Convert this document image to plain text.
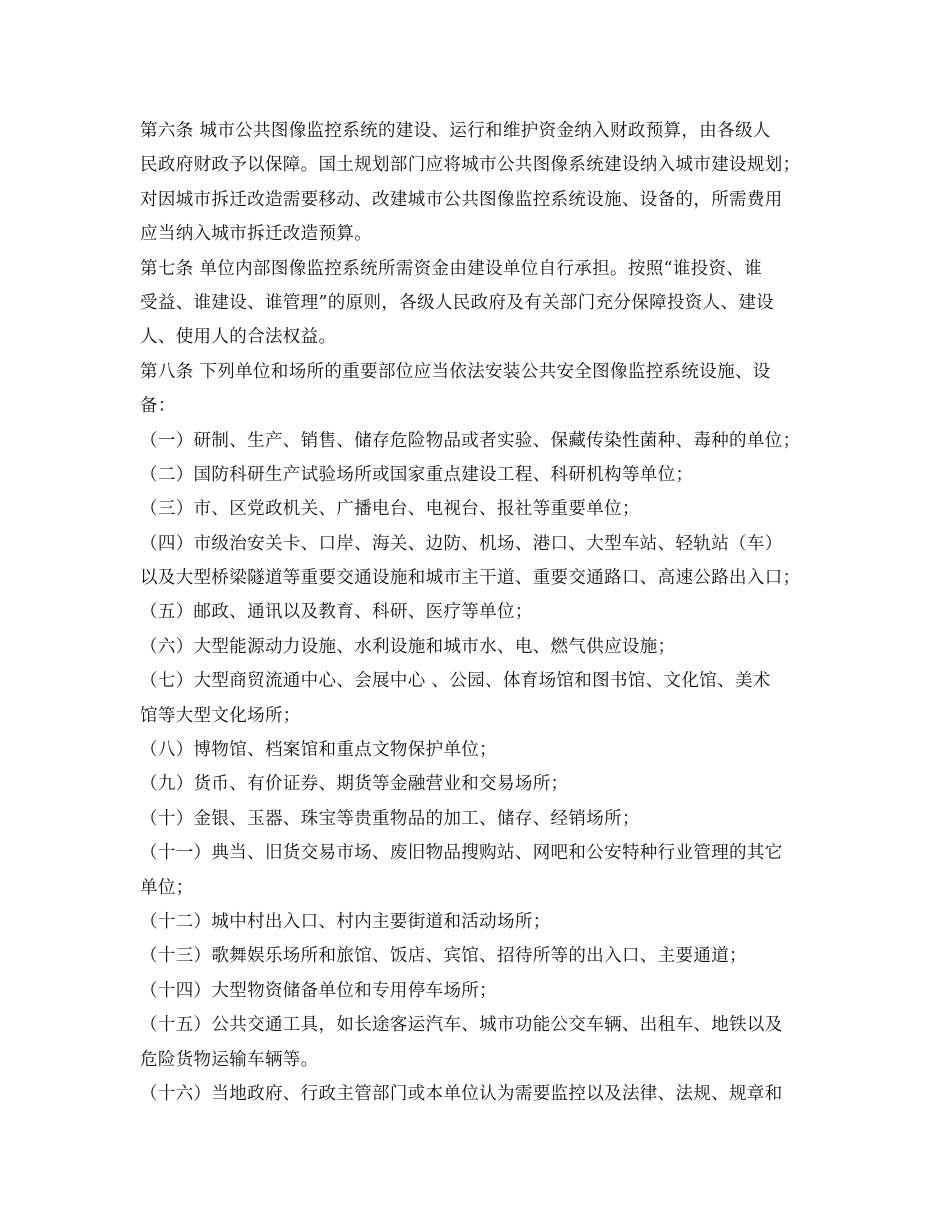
第六条 城市公共图像监控系统的建设、运行和维护资金纳入财政预算，由各级人
民政府财政予以保障。国土规划部门应将城市公共图像系统建设纳入城市建设规划；
对因城市拆迁改造需要移动、改建城市公共图像监控系统设施、设备的，所需费用
应当纳入城市拆迁改造预算。
第七条 单位内部图像监控系统所需资金由建设单位自行承担。按照“谁投资、谁
受益、谁建设、谁管理”的原则，各级人民政府及有关部门充分保障投资人、建设
人、使用人的合法权益。
第八条 下列单位和场所的重要部位应当依法安装公共安全图像监控系统设施、设
备：
（一）研制、生产、销售、储存危险物品或者实验、保藏传染性菌种、毒种的单位；
（二）国防科研生产试验场所或国家重点建设工程、科研机构等单位；
（三）市、区党政机关、广播电台、电视台、报社等重要单位；
（四）市级治安关卡、口岸、海关、边防、机场、港口、大型车站、轻轨站（车）
以及大型桥梁隧道等重要交通设施和城市主干道、重要交通路口、高速公路出入口；
（五）邮政、通讯以及教育、科研、医疗等单位；
（六）大型能源动力设施、水利设施和城市水、电、燃气供应设施；
（七）大型商贸流通中心、会展中心 、公园、体育场馆和图书馆、文化馆、美术
馆等大型文化场所；
（八）博物馆、档案馆和重点文物保护单位；
（九）货币、有价证券、期货等金融营业和交易场所；
（十）金银、玉器、珠宝等贵重物品的加工、储存、经销场所；
（十一）典当、旧货交易市场、废旧物品搜购站、网吧和公安特种行业管理的其它
单位；
（十二）城中村出入口、村内主要街道和活动场所；
（十三）歌舞娱乐场所和旅馆、饭店、宾馆、招待所等的出入口、主要通道；
（十四）大型物资储备单位和专用停车场所；
（十五）公共交通工具，如长途客运汽车、城市功能公交车辆、出租车、地铁以及
危险货物运输车辆等。
（十六）当地政府、行政主管部门或本单位认为需要监控以及法律、法规、规章和
